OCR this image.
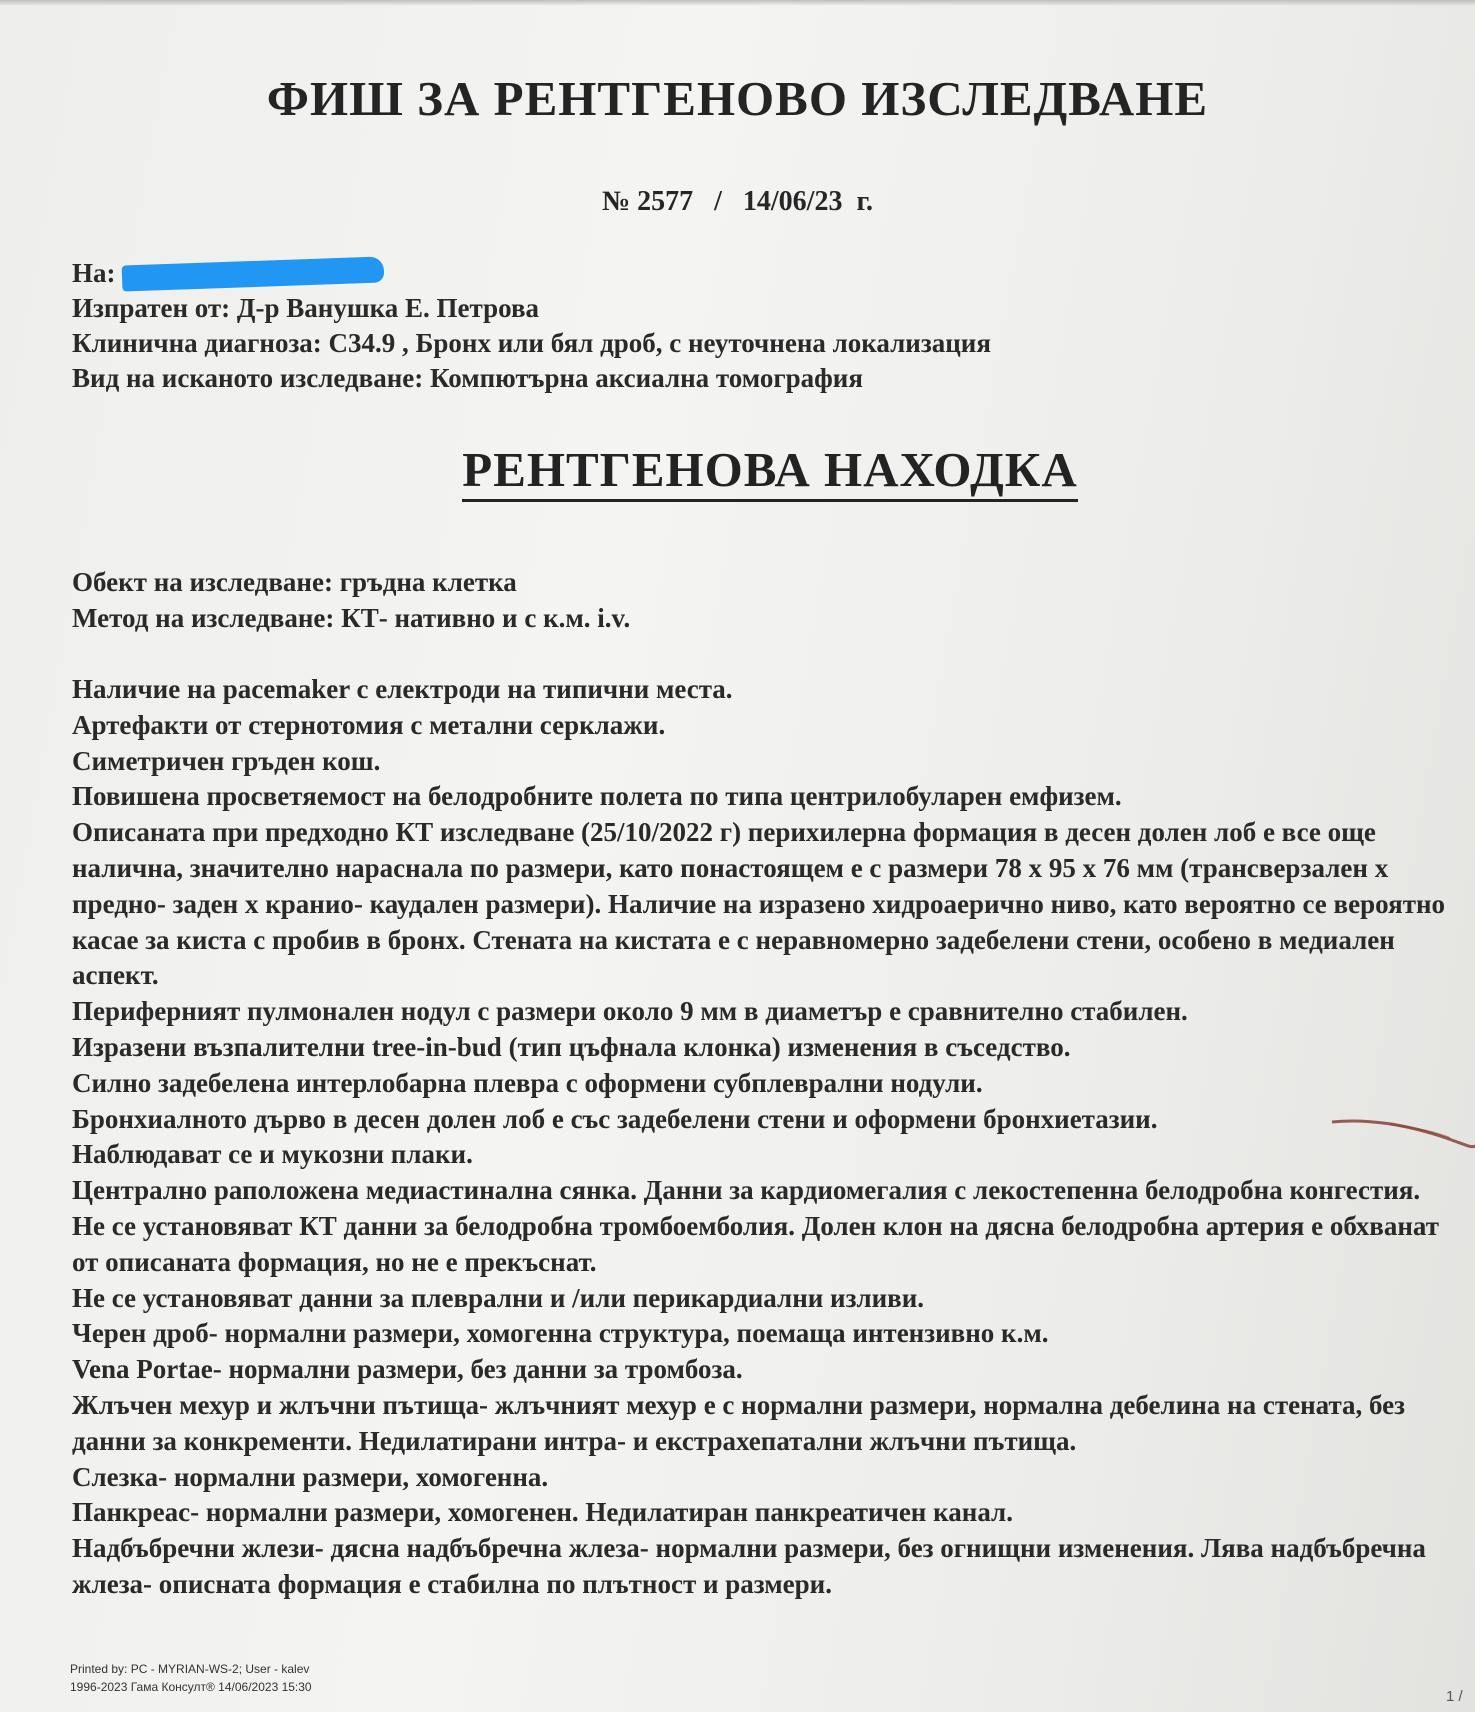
ФИШ ЗА РЕНТГЕНОВО ИЗСЛЕДВАНЕ
№ 2577   /   14/06/23  г.
На:
Изпратен от: Д-р Ванушка Е. Петрова
Клинична диагноза: C34.9 , Бронх или бял дроб, с неуточнена локализация
Вид на исканото изследване: Компютърна аксиална томография
РЕНТГЕНОВА НАХОДКА
Обект на изследване: гръдна клетка
Метод на изследване: КТ- нативно и с к.м. i.v.

Наличие на pacemaker с електроди на типични места.

Артефакти от стернотомия с метални серклажи.

Симетричен гръден кош.

Повишена просветяемост на белодробните полета по типа центрилобуларен емфизем.

Описаната при предходно КТ изследване (25/10/2022 г) перихилерна формация в десен долен лоб е все още налична, значително нараснала по размери, като понастоящем е с размери 78 x 95 x 76 мм (трансверзален x предно- заден x кранио- каудален размери). Наличие на изразено хидроаерично ниво, като вероятно се вероятно касае за киста с пробив в бронх. Стената на кистата е с неравномерно задебелени стени, особено в медиален аспект.

Периферният пулмонален нодул с размери около 9 мм в диаметър е сравнително стабилен.

Изразени възпалителни tree-in-bud (тип цъфнала клонка) изменения в съседство.

Силно задебелена интерлобарна плевра с оформени субплеврални нодули.

Бронхиалното дърво в десен долен лоб е със задебелени стени и оформени бронхиетазии.

Наблюдават се и мукозни плаки.

Централно раположена медиастинална сянка. Данни за кардиомегалия с лекостепенна белодробна конгестия.

Не се установяват КТ данни за белодробна тромбоемболия. Долен клон на дясна белодробна артерия е обхванат от описаната формация, но не е прекъснат.

Не се установяват данни за плеврални и /или перикардиални изливи.

Черен дроб- нормални размери, хомогенна структура, поемаща интензивно к.м.

Vena Portae- нормални размери, без данни за тромбоза.

Жлъчен мехур и жлъчни пътища- жлъчният мехур е с нормални размери, нормална дебелина на стената, без данни за конкременти. Недилатирани интра- и екстрахепатални жлъчни пътища.

Слезка- нормални размери, хомогенна.

Панкреас- нормални размери, хомогенен. Недилатиран панкреатичен канал.

Надбъбречни жлези- дясна надбъбречна жлеза- нормални размери, без огнищни изменения. Лява надбъбречна жлеза- описната формация е стабилна по плътност и размери.

Printed by: PC - MYRIAN-WS-2; User - kalev
1996-2023 Гама Консулт® 14/06/2023 15:30
1 /
